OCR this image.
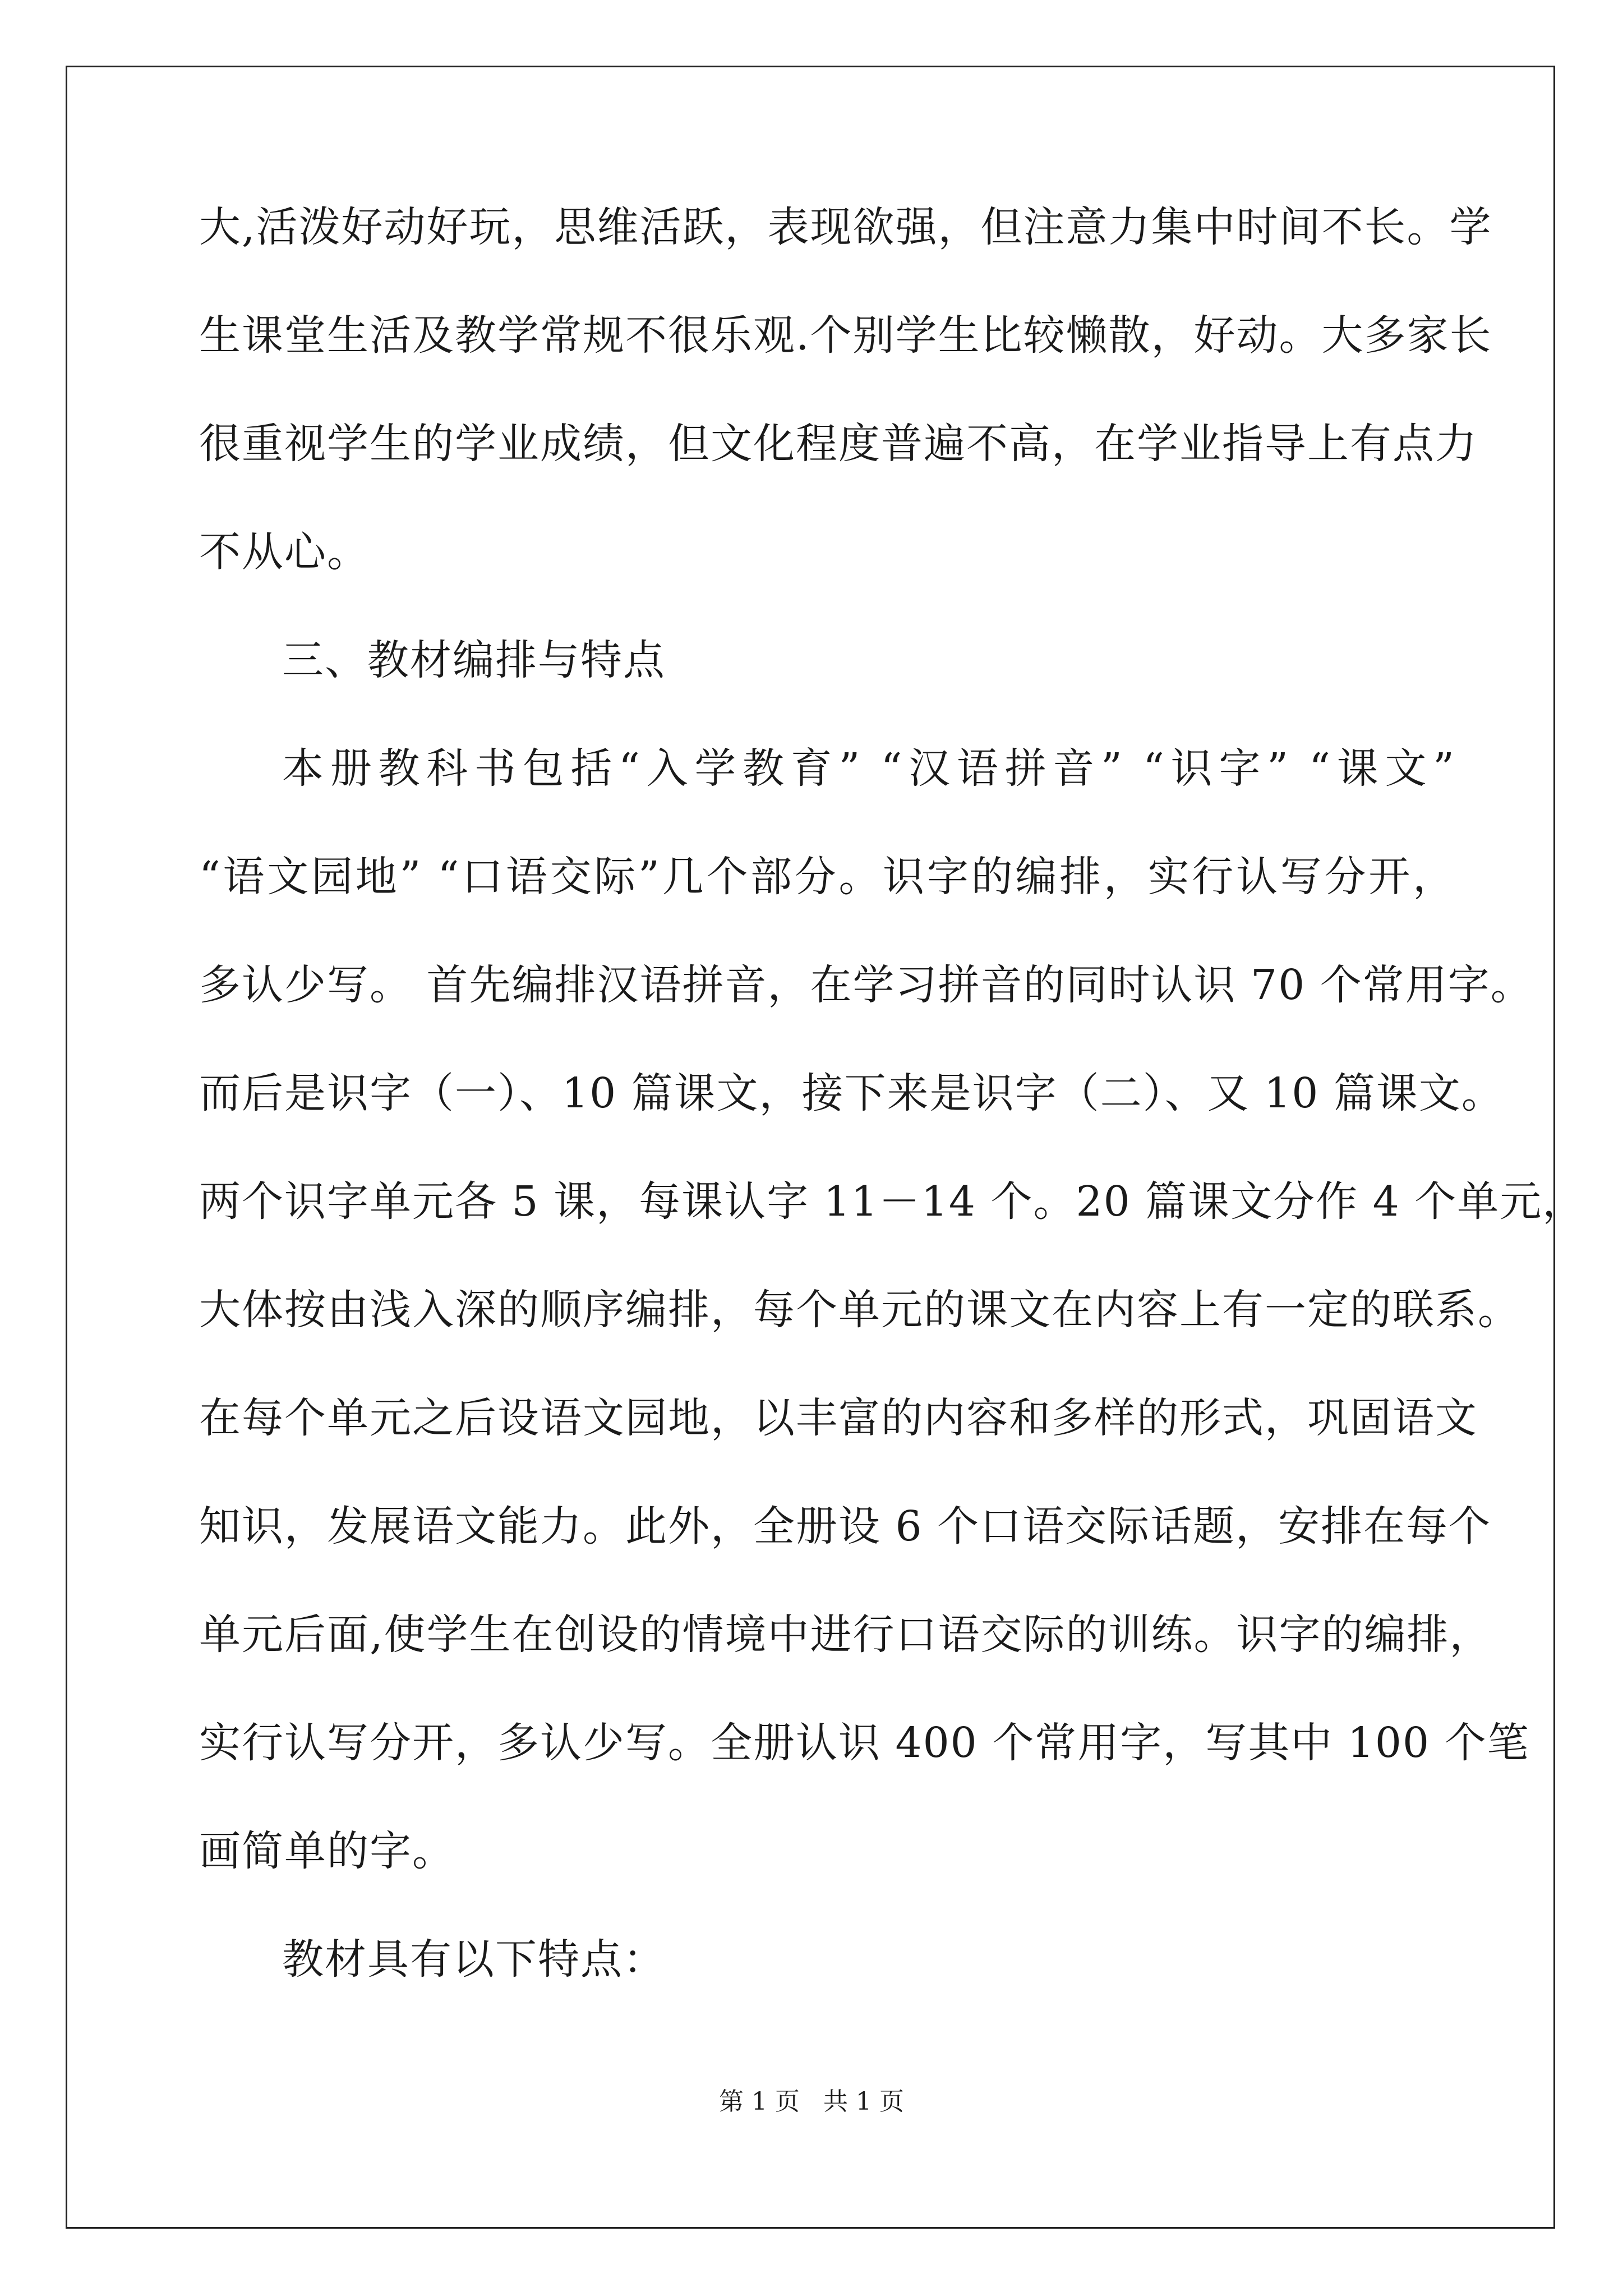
大,活泼好动好玩，思维活跃，表现欲强，但注意力集中时间不长。学
生课堂生活及教学常规不很乐观.个别学生比较懒散，好动。大多家长
很重视学生的学业成绩，但文化程度普遍不高，在学业指导上有点力
不从心。
三、教材编排与特点
本册教科书包括“入学教育” “汉语拼音” “识字” “课文”
“语文园地” “口语交际”几个部分。识字的编排，实行认写分开，
多认少写。 首先编排汉语拼音，在学习拼音的同时认识 70 个常用字。
而后是识字（一）、10 篇课文，接下来是识字（二）、又 10 篇课文。
两个识字单元各 5 课，每课认字 11－14 个。20 篇课文分作 4 个单元，
大体按由浅入深的顺序编排，每个单元的课文在内容上有一定的联系。
在每个单元之后设语文园地，以丰富的内容和多样的形式，巩固语文
知识，发展语文能力。此外，全册设 6 个口语交际话题，安排在每个
单元后面,使学生在创设的情境中进行口语交际的训练。识字的编排，
实行认写分开，多认少写。全册认识 400 个常用字，写其中 100 个笔
画简单的字。
教材具有以下特点：
第 1 页   共 1 页
